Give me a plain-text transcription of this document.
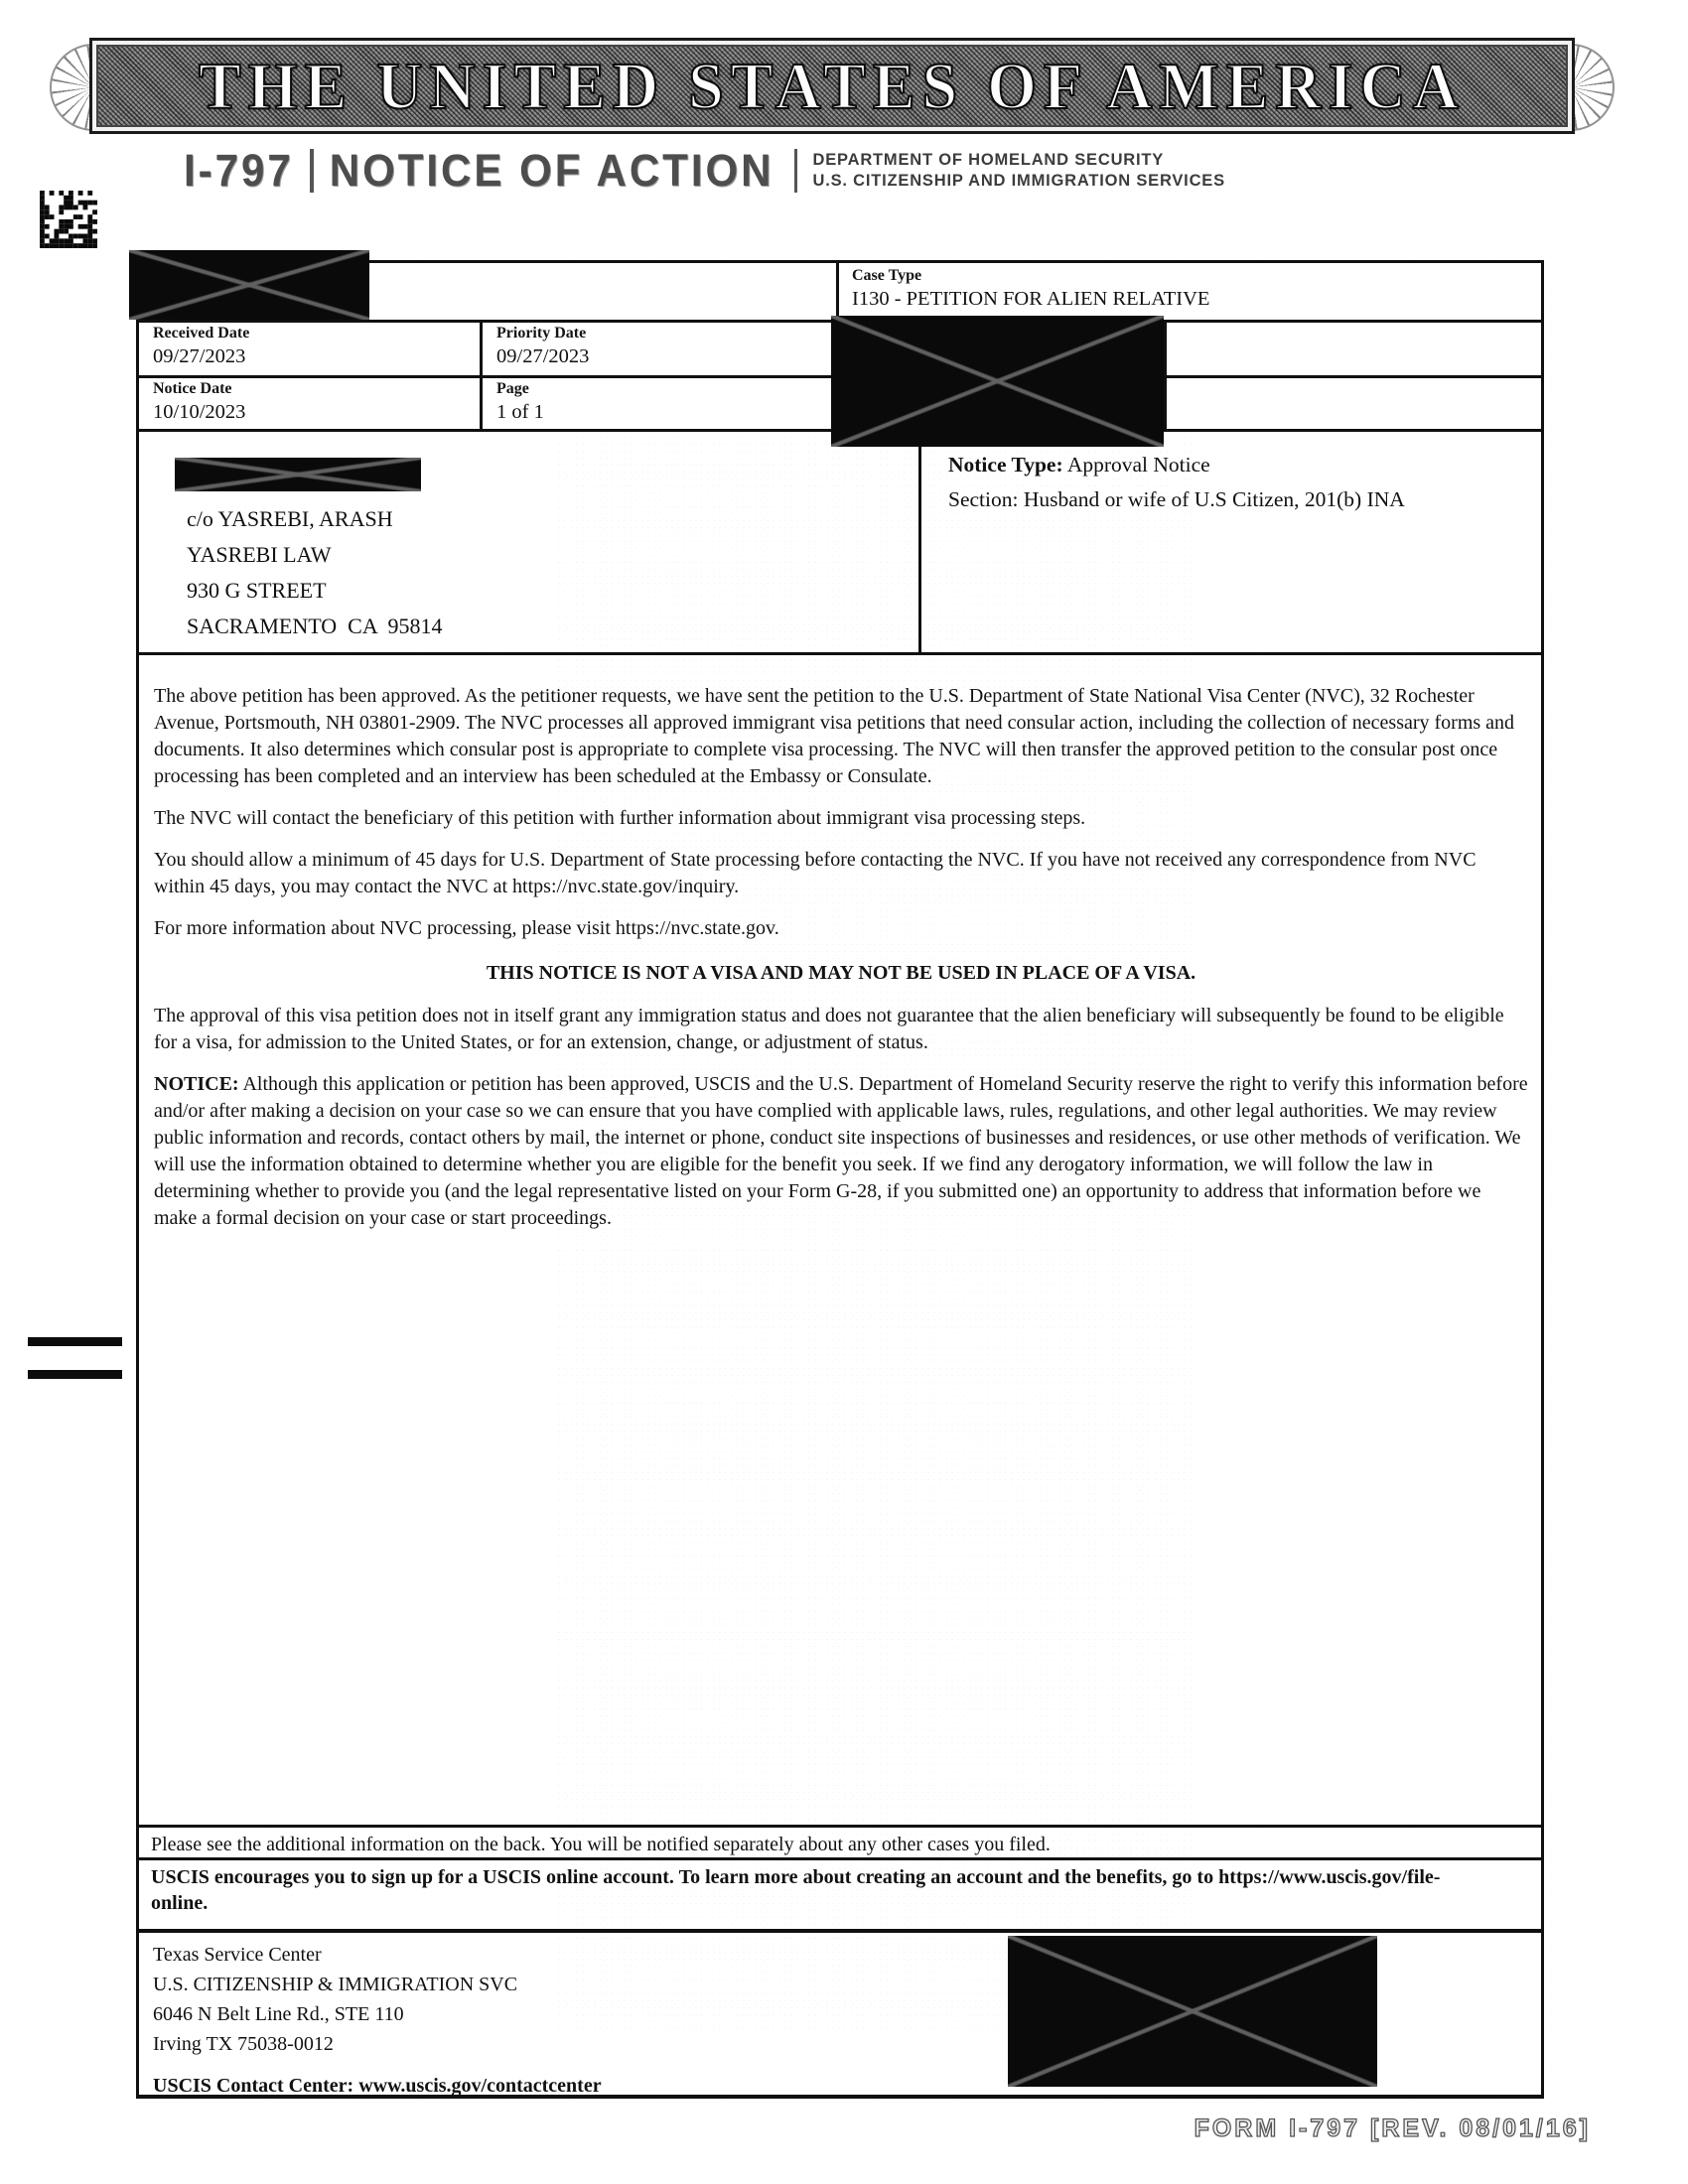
THE UNITED STATES OF AMERICA
I-797 NOTICE OF ACTION DEPARTMENT OF HOMELAND SECURITY
U.S. CITIZENSHIP AND IMMIGRATION SERVICES
Case Type
I130 - PETITION FOR ALIEN RELATIVE
Received Date
09/27/2023
Priority Date
09/27/2023
Notice Date
10/10/2023
Page
1 of 1
c/o YASREBI, ARASH
YASREBI LAW
930 G STREET
SACRAMENTO  CA  95814
Notice Type: Approval Notice
Section: Husband or wife of U.S Citizen, 201(b) INA

The above petition has been approved. As the petitioner requests, we have sent the petition to the U.S. Department of State National Visa Center (NVC), 32 Rochester Avenue, Portsmouth, NH 03801-2909. The NVC processes all approved immigrant visa petitions that need consular action, including the collection of necessary forms and documents. It also determines which consular post is appropriate to complete visa processing. The NVC will then transfer the approved petition to the consular post once processing has been completed and an interview has been scheduled at the Embassy or Consulate.

The NVC will contact the beneficiary of this petition with further information about immigrant visa processing steps.

You should allow a minimum of 45 days for U.S. Department of State processing before contacting the NVC. If you have not received any correspondence from NVC within 45 days, you may contact the NVC at https://nvc.state.gov/inquiry.

For more information about NVC processing, please visit https://nvc.state.gov.

THIS NOTICE IS NOT A VISA AND MAY NOT BE USED IN PLACE OF A VISA.

The approval of this visa petition does not in itself grant any immigration status and does not guarantee that the alien beneficiary will subsequently be found to be eligible for a visa, for admission to the United States, or for an extension, change, or adjustment of status.

NOTICE: Although this application or petition has been approved, USCIS and the U.S. Department of Homeland Security reserve the right to verify this information before and/or after making a decision on your case so we can ensure that you have complied with applicable laws, rules, regulations, and other legal authorities. We may review public information and records, contact others by mail, the internet or phone, conduct site inspections of businesses and residences, or use other methods of verification. We will use the information obtained to determine whether you are eligible for the benefit you seek. If we find any derogatory information, we will follow the law in determining whether to provide you (and the legal representative listed on your Form G-28, if you submitted one) an opportunity to address that information before we make a formal decision on your case or start proceedings.

Please see the additional information on the back. You will be notified separately about any other cases you filed.
USCIS encourages you to sign up for a USCIS online account. To learn more about creating an account and the benefits, go to https://www.uscis.gov/file-online.
Texas Service Center
U.S. CITIZENSHIP & IMMIGRATION SVC
6046 N Belt Line Rd., STE 110
Irving TX 75038-0012
USCIS Contact Center: www.uscis.gov/contactcenter
FORM I-797 [REV. 08/01/16]
